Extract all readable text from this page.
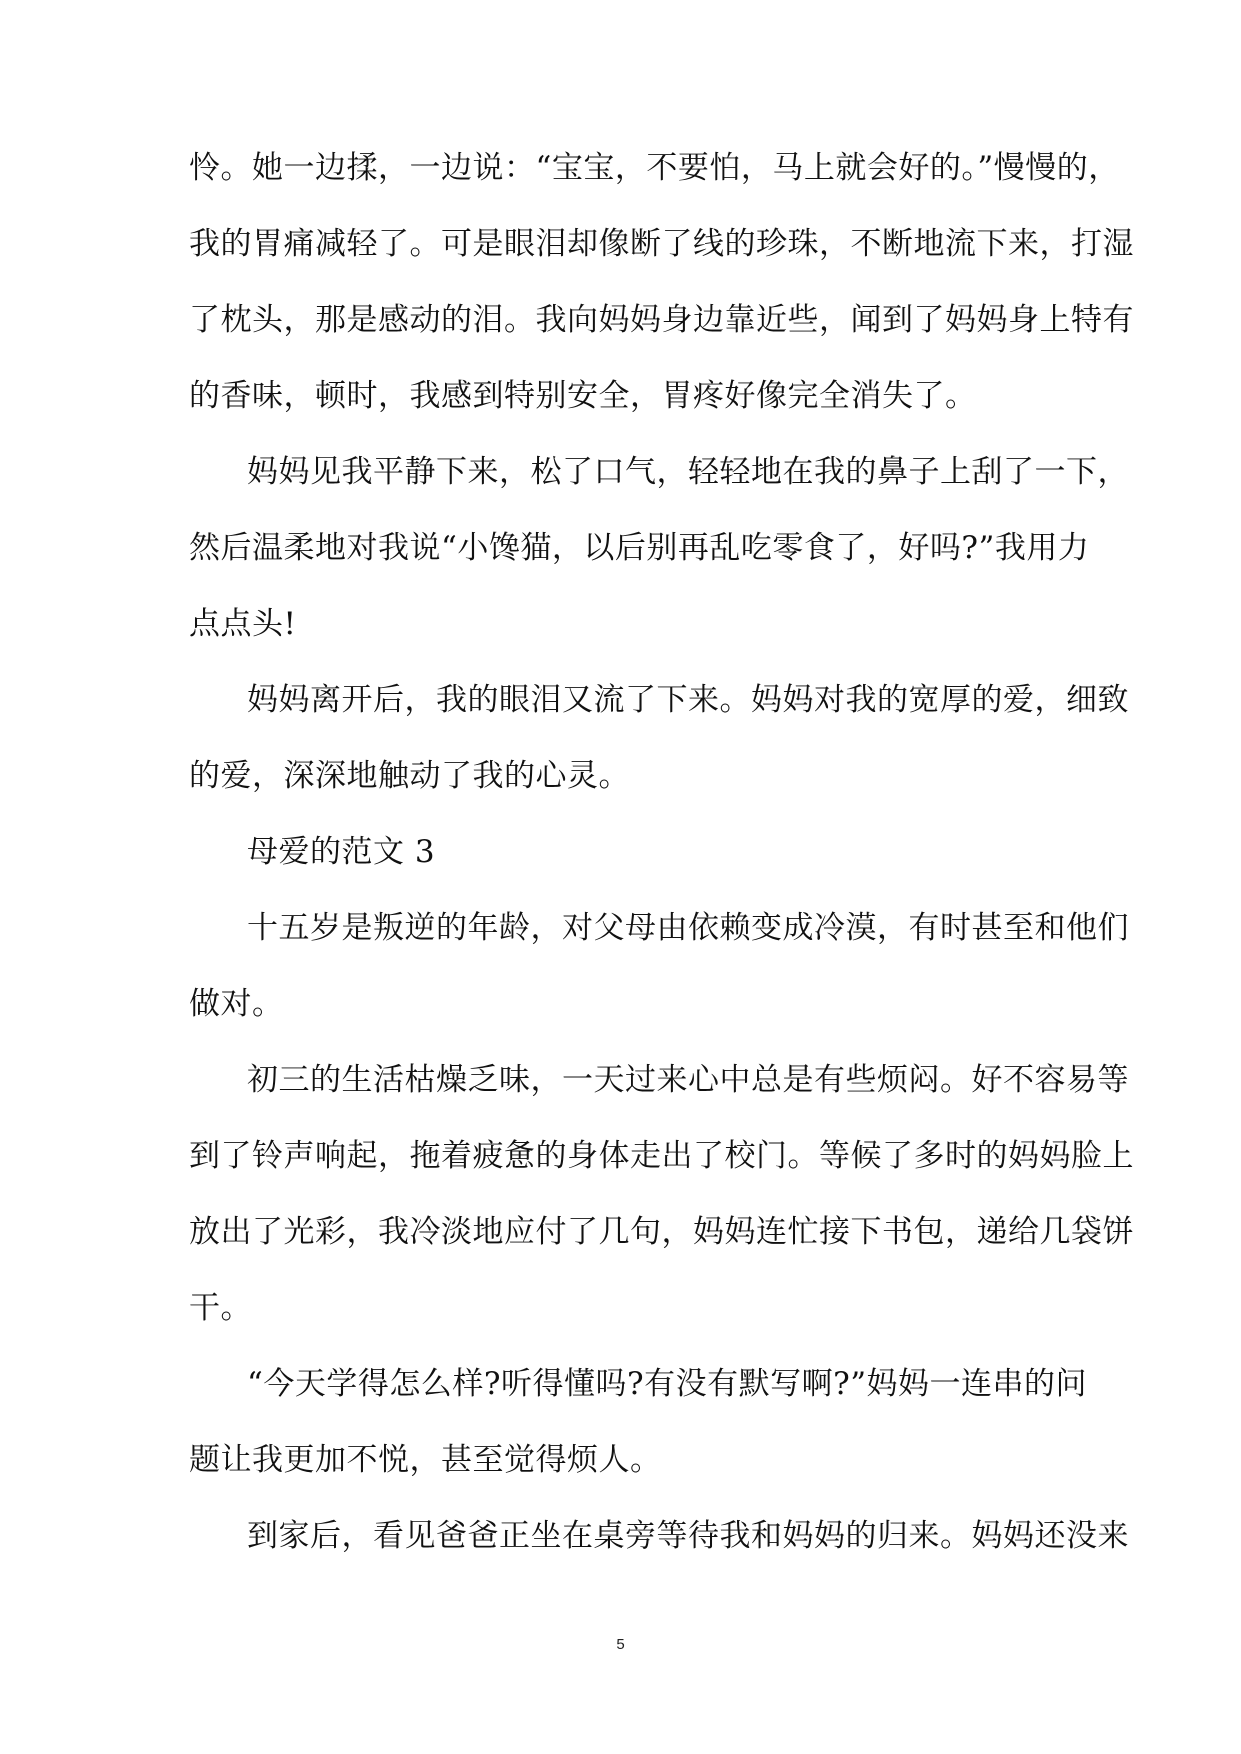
怜。她一边揉，一边说：“宝宝，不要怕，马上就会好的。”慢慢的，
我的胃痛减轻了。可是眼泪却像断了线的珍珠，不断地流下来，打湿
了枕头，那是感动的泪。我向妈妈身边靠近些，闻到了妈妈身上特有
的香味，顿时，我感到特别安全，胃疼好像完全消失了。
妈妈见我平静下来，松了口气，轻轻地在我的鼻子上刮了一下，
然后温柔地对我说“小馋猫，以后别再乱吃零食了，好吗?”我用力
点点头!
妈妈离开后，我的眼泪又流了下来。妈妈对我的宽厚的爱，细致
的爱，深深地触动了我的心灵。
母爱的范文 3
十五岁是叛逆的年龄，对父母由依赖变成冷漠，有时甚至和他们
做对。
初三的生活枯燥乏味，一天过来心中总是有些烦闷。好不容易等
到了铃声响起，拖着疲惫的身体走出了校门。等候了多时的妈妈脸上
放出了光彩，我冷淡地应付了几句，妈妈连忙接下书包，递给几袋饼
干。
“今天学得怎么样?听得懂吗?有没有默写啊?”妈妈一连串的问
题让我更加不悦，甚至觉得烦人。
到家后，看见爸爸正坐在桌旁等待我和妈妈的归来。妈妈还没来
5
